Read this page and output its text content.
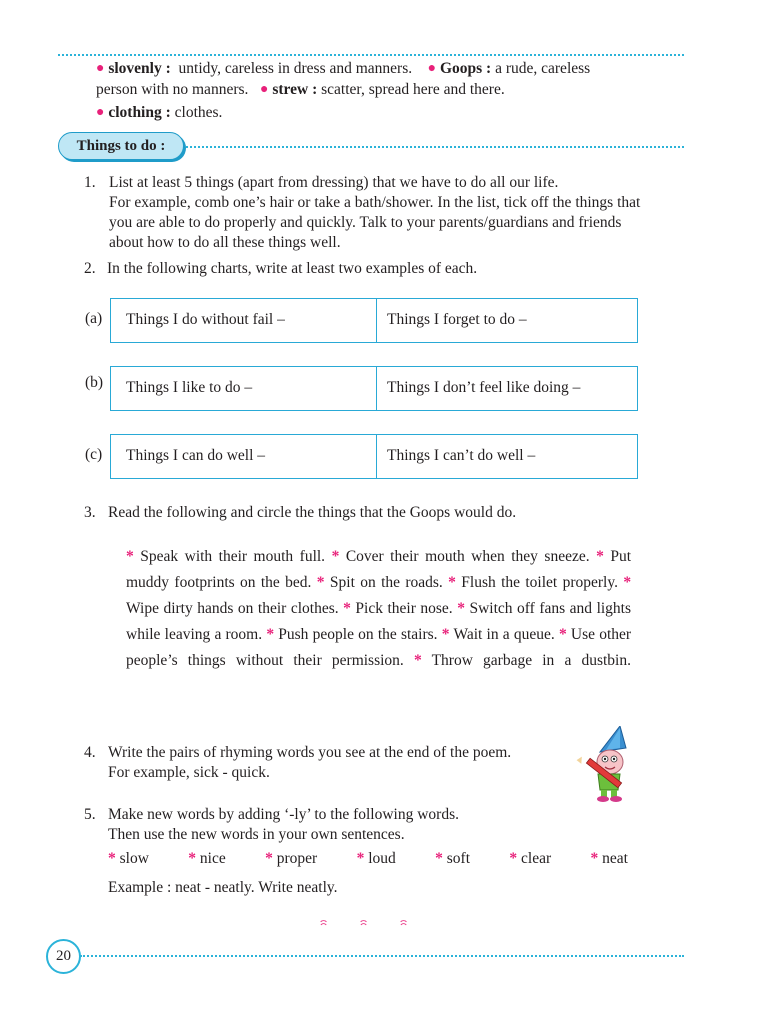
● slovenly : untidy, careless in dress and manners. ● Goops : a rude, careless
person with no manners. ● strew : scatter, spread here and there.
● clothing : clothes.
Things to do :
1. List at least 5 things (apart from dressing) that we have to do all our life.
For example, comb one’s hair or take a bath/shower. In the list, tick off the things that
you are able to do properly and quickly. Talk to your parents/guardians and friends
about how to do all these things well.
2. In the following charts, write at least two examples of each.
(a)	Things I do without fail –	Things I forget to do –
(b)	Things I like to do –	Things I don’t feel like doing –
(c)	Things I can do well –	Things I can’t do well –
3. Read the following and circle the things that the Goops would do.
* Speak with their mouth full. * Cover their mouth when they sneeze. * Put muddy footprints on the bed. * Spit on the roads. * Flush the toilet properly. * Wipe dirty hands on their clothes. * Pick their nose. * Switch off fans and lights while leaving a room. * Push people on the stairs. * Wait in a queue. * Use other people’s things without their permission. * Throw garbage in a dustbin.
4. Write the pairs of rhyming words you see at the end of the poem.
For example, sick - quick.
5. Make new words by adding ‘-ly’ to the following words.
Then use the new words in your own sentences.
* slow	* nice	* proper	* loud	* soft	* clear	* neat
Example : neat - neatly. Write neatly.
ꩰ ꩰ ꩰ
20
